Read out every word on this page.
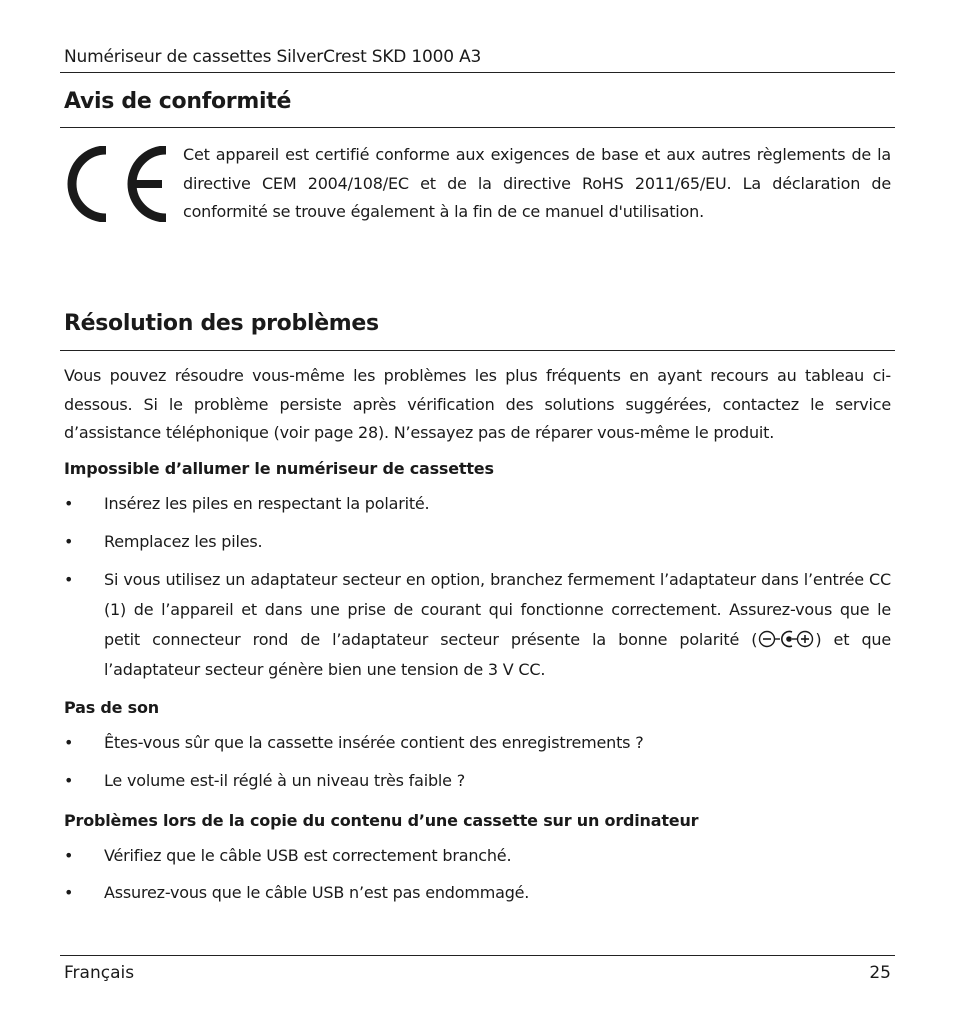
Numériseur de cassettes SilverCrest SKD 1000 A3
Avis de conformité
Cet appareil est certifié conforme aux exigences de base et aux autres règlements de la directive CEM 2004/108/EC et de la directive RoHS 2011/65/EU. La déclaration de conformité se trouve également à la fin de ce manuel d'utilisation.
Résolution des problèmes
Vous pouvez résoudre vous-même les problèmes les plus fréquents en ayant recours au tableau ci-dessous. Si le problème persiste après vérification des solutions suggérées, contactez le service d’assistance téléphonique (voir page 28). N’essayez pas de réparer vous-même le produit.
Impossible d’allumer le numériseur de cassettes
• Insérez les piles en respectant la polarité.
• Remplacez les piles.
• Si vous utilisez un adaptateur secteur en option, branchez fermement l’adaptateur dans l’entrée CC (1) de l’appareil et dans une prise de courant qui fonctionne correctement. Assurez-vous que le petit connecteur rond de l’adaptateur secteur présente la bonne polarité (	) et que l’adaptateur secteur génère bien une tension de 3 V CC.
Pas de son
• Êtes-vous sûr que la cassette insérée contient des enregistrements ?
• Le volume est-il réglé à un niveau très faible ?
Problèmes lors de la copie du contenu d’une cassette sur un ordinateur
• Vérifiez que le câble USB est correctement branché.
• Assurez-vous que le câble USB n’est pas endommagé.
Français	25
